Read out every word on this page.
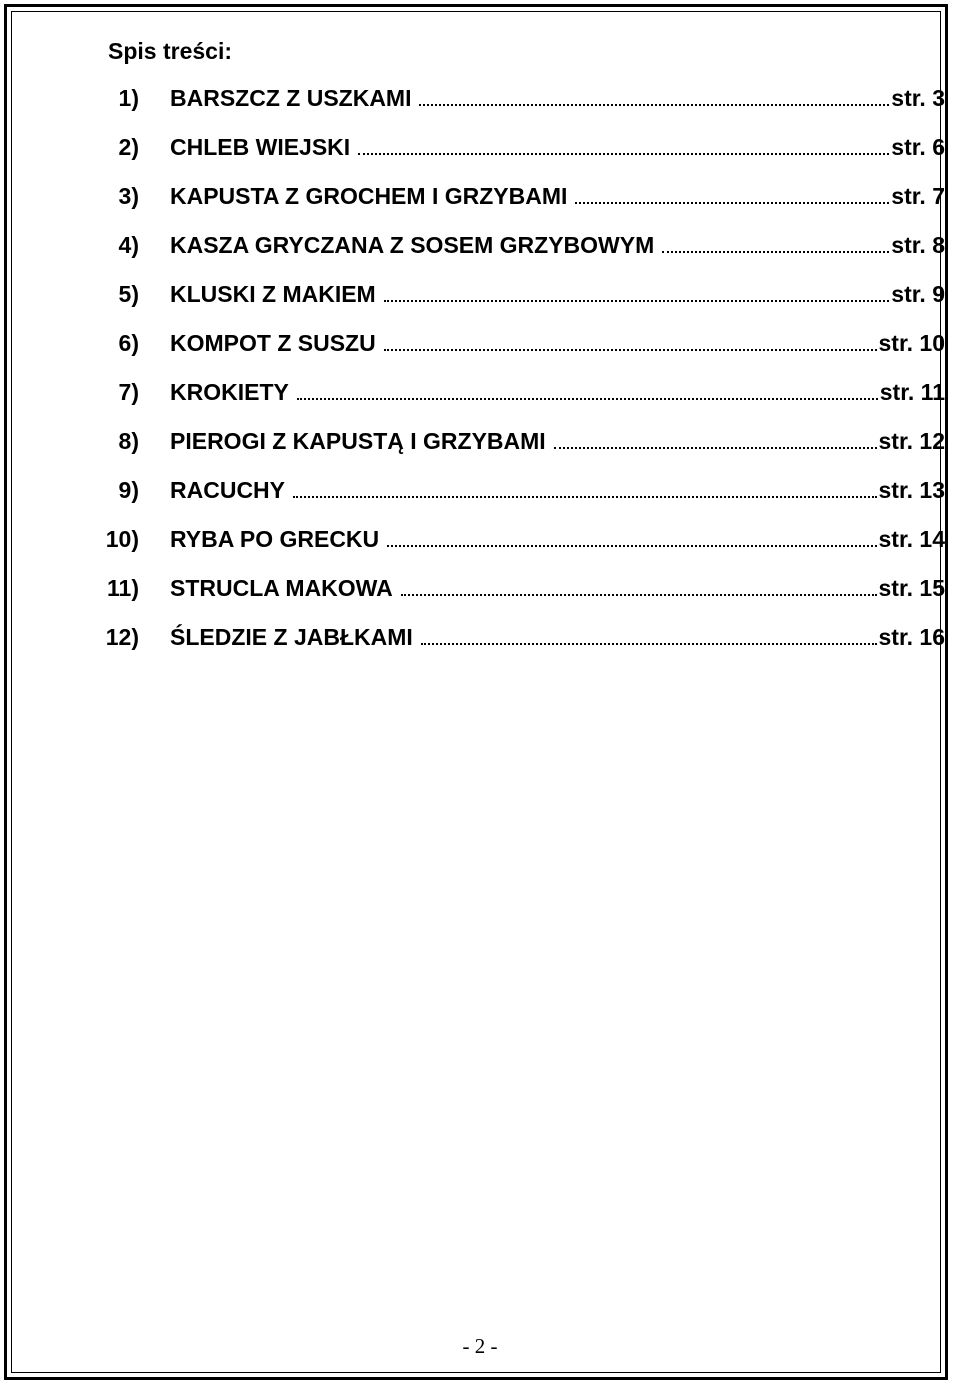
Spis treści:
1) BARSZCZ Z USZKAMI	str. 3
2) CHLEB WIEJSKI	str. 6
3) KAPUSTA Z GROCHEM I GRZYBAMI	str. 7
4) KASZA GRYCZANA Z SOSEM GRZYBOWYM	str. 8
5) KLUSKI Z MAKIEM	str. 9
6) KOMPOT Z SUSZU	str. 10
7) KROKIETY	str. 11
8) PIEROGI Z KAPUSTĄ I GRZYBAMI	str. 12
9) RACUCHY	str. 13
10) RYBA PO GRECKU	str. 14
11) STRUCLA MAKOWA	str. 15
12) ŚLEDZIE Z JABŁKAMI	str. 16
- 2 -
